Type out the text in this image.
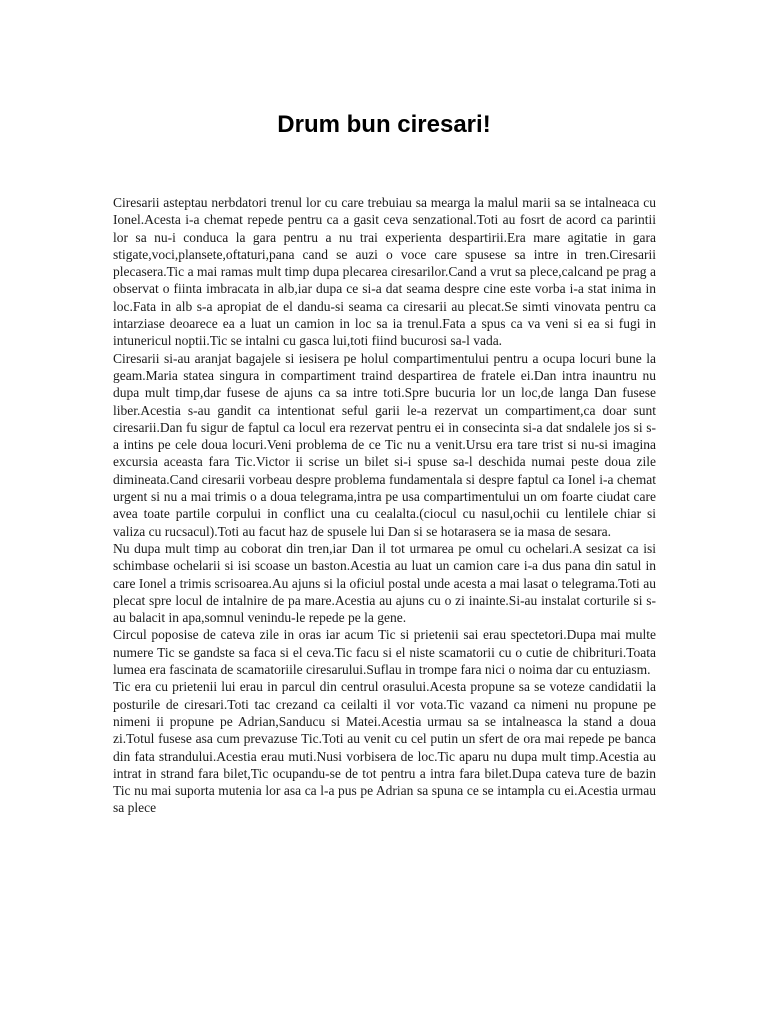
Drum bun ciresari!

Ciresarii asteptau nerbdatori trenul lor cu care trebuiau sa mearga la malul marii sa se intalneaca cu Ionel.Acesta i-a chemat repede pentru ca a gasit ceva senzational.Toti au fosrt de acord ca parintii lor sa nu-i conduca la gara pentru a nu trai experienta despartirii.Era mare agitatie in gara stigate,voci,plansete,oftaturi,pana cand se auzi o voce care spusese sa intre in tren.Ciresarii plecasera.Tic a mai ramas mult timp dupa plecarea ciresarilor.Cand a vrut sa plece,calcand pe prag a observat o fiinta imbracata in alb,iar dupa ce si-a dat seama despre cine este vorba i-a stat inima in loc.Fata in alb s-a apropiat de el dandu-si seama ca ciresarii au plecat.Se simti vinovata pentru ca intarziase deoarece ea a luat un camion in loc sa ia trenul.Fata a spus ca va veni si ea si fugi in intunericul noptii.Tic se intalni cu gasca lui,toti fiind bucurosi sa-l vada.

Ciresarii si-au aranjat bagajele si iesisera pe holul compartimentului pentru a ocupa locuri bune la geam.Maria statea singura in compartiment traind despartirea de fratele ei.Dan intra inauntru nu dupa mult timp,dar fusese de ajuns ca sa intre toti.Spre bucuria lor un loc,de langa Dan fusese liber.Acestia s-au gandit ca intentionat seful garii le-a rezervat un compartiment,ca doar sunt ciresarii.Dan fu sigur de faptul ca locul era rezervat pentru ei in consecinta si-a dat sndalele jos si s-a intins pe cele doua locuri.Veni problema de ce Tic nu a venit.Ursu era tare trist si nu-si imagina excursia aceasta fara Tic.Victor ii scrise un bilet si-i spuse sa-l deschida numai peste doua zile dimineata.Cand ciresarii vorbeau despre problema fundamentala si despre faptul ca Ionel i-a chemat urgent si nu a mai trimis o a doua telegrama,intra pe usa compartimentului un om foarte ciudat care avea toate partile corpului in conflict una cu cealalta.(ciocul cu nasul,ochii cu lentilele chiar si valiza cu rucsacul).Toti au facut haz de spusele lui Dan si se hotarasera se ia masa de sesara.

Nu dupa mult timp au coborat din tren,iar Dan il tot urmarea pe omul cu ochelari.A sesizat ca isi schimbase ochelarii si isi scoase un baston.Acestia au luat un camion care i-a dus pana din satul in care Ionel a trimis scrisoarea.Au ajuns si la oficiul postal unde acesta a mai lasat o telegrama.Toti au plecat spre locul de intalnire de pa mare.Acestia au ajuns cu o zi inainte.Si-au instalat corturile si s-au balacit in apa,somnul venindu-le repede pe la gene.

Circul poposise de cateva zile in oras iar acum Tic si prietenii sai erau spectetori.Dupa mai multe numere Tic se gandste sa faca si el ceva.Tic facu si el niste scamatorii cu o cutie de chibrituri.Toata lumea era fascinata de scamatoriile ciresarului.Suflau in trompe fara nici o noima dar cu entuziasm.

Tic era cu prietenii lui erau in parcul din centrul orasului.Acesta propune sa se voteze candidatii la posturile de ciresari.Toti tac crezand ca ceilalti il vor vota.Tic vazand ca nimeni nu propune pe nimeni ii propune pe Adrian,Sanducu si Matei.Acestia urmau sa se intalneasca la stand a doua zi.Totul fusese asa cum prevazuse Tic.Toti au venit cu cel putin un sfert de ora mai repede pe banca din fata strandului.Acestia erau muti.Nusi vorbisera de loc.Tic aparu nu dupa mult timp.Acestia au intrat in strand fara bilet,Tic ocupandu-se de tot pentru a intra fara bilet.Dupa cateva ture de bazin Tic nu mai suporta mutenia lor asa ca l-a pus pe Adrian sa spuna ce se intampla cu ei.Acestia urmau sa plece
